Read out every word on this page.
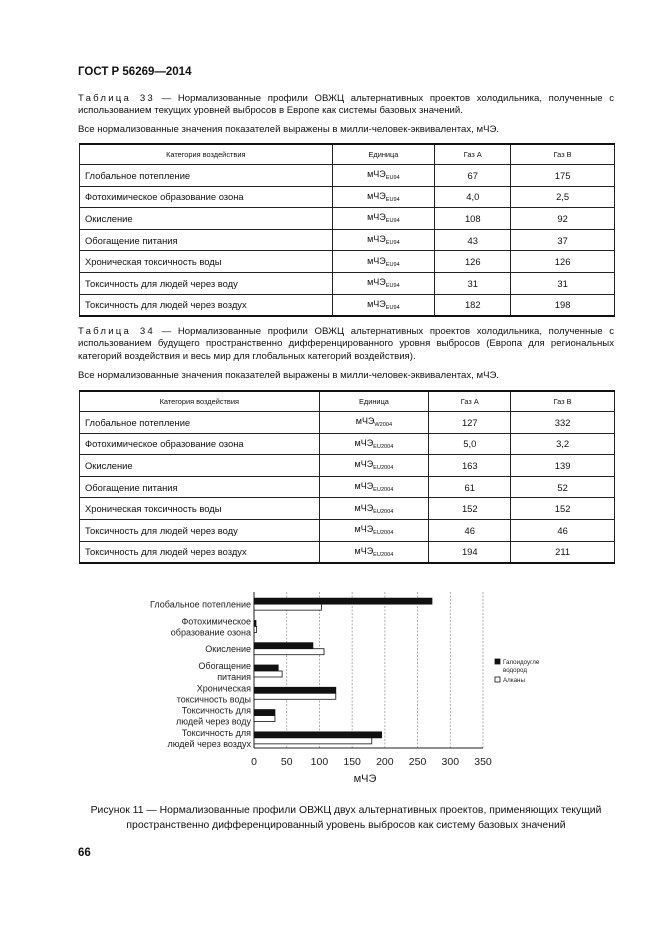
ГОСТ Р 56269—2014
Таблица 33 — Нормализованные профили ОВЖЦ альтернативных проектов холодильника, полученные с использованием текущих уровней выбросов в Европе как системы базовых значений.
Все нормализованные значения показателей выражены в милли-человек-эквивалентах, мЧЭ.
Категория воздействия	Единица	Газ А	Газ В
Глобальное потепление	мЧЭ$_{EU94}$	67	175
Фотохимическое образование озона	мЧЭ$_{EU94}$	4,0	2,5
Окисление	мЧЭ$_{EU94}$	108	92
Обогащение питания	мЧЭ$_{EU94}$	43	37
Хроническая токсичность воды	мЧЭ$_{EU94}$	126	126
Токсичность для людей через воду	мЧЭ$_{EU94}$	31	31
Токсичность для людей через воздух	мЧЭ$_{EU94}$	182	198
Таблица 34 — Нормализованные профили ОВЖЦ альтернативных проектов холодильника, полученные с использованием будущего пространственно дифференцированного уровня выбросов (Европа для региональных категорий воздействия и весь мир для глобальных категорий воздействия).
Все нормализованные значения показателей выражены в милли-человек-эквивалентах, мЧЭ.
Категория воздействия	Единица	Газ А	Газ В
Глобальное потепление	мЧЭ$_{W2004}$	127	332
Фотохимическое образование озона	мЧЭ$_{EU2004}$	5,0	3,2
Окисление	мЧЭ$_{EU2004}$	163	139
Обогащение питания	мЧЭ$_{EU2004}$	61	52
Хроническая токсичность воды	мЧЭ$_{EU2004}$	152	152
Токсичность для людей через воду	мЧЭ$_{EU2004}$	46	46
Токсичность для людей через воздух	мЧЭ$_{EU2004}$	194	211
0 50 100 150 200 250 300 350
мЧЭ
Глобальное потепление
Фотохимическое
образование озона
Окисление
Обогащение
питания
Хроническая
токсичность воды
Токсичность для
людей через воду
Токсичность для
людей через воздух
Галоидоугле
водород
Алканы
Рисунок 11 — Нормализованные профили ОВЖЦ двух альтернативных проектов, применяющих текущий пространственно дифференцированный уровень выбросов как систему базовых значений
66
